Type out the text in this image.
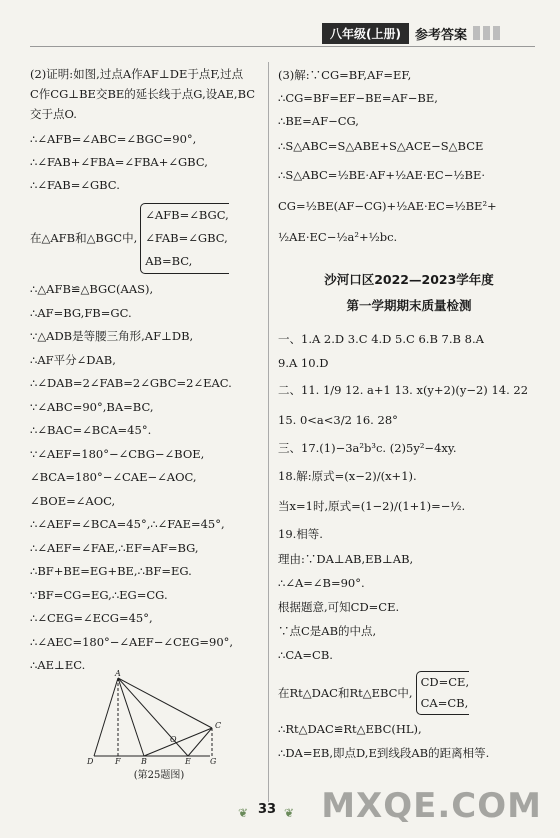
八年级(上册)	参考答案

(2)证明:如图,过点A作AF⊥DE于点F,过点

C作CG⊥BE交BE的延长线于点G,设AE,BC

交于点O.

∴∠AFB=∠ABC=∠BGC=90°,

∴∠FAB+∠FBA=∠FBA+∠GBC,

∴∠FAB=∠GBC.

在△AFB和△BGC中,

∠AFB=∠BGC,

∠FAB=∠GBC,

AB=BC,

∴△AFB≌△BGC(AAS),

∴AF=BG,FB=GC.

∵△ADB是等腰三角形,AF⊥DB,

∴AF平分∠DAB,

∴∠DAB=2∠FAB=2∠GBC=2∠EAC.

∵∠ABC=90°,BA=BC,

∴∠BAC=∠BCA=45°.

∵∠AEF=180°−∠CBG−∠BOE,

∠BCA=180°−∠CAE−∠AOC,

∠BOE=∠AOC,

∴∠AEF=∠BCA=45°,∴∠FAE=45°,

∴∠AEF=∠FAE,∴EF=AF=BG,

∴BF+BE=EG+BE,∴BF=EG.

∵BF=CG=EG,∴EG=CG.

∴∠CEG=∠ECG=45°,

∴∠AEC=180°−∠AEF−∠CEG=90°,

∴AE⊥EC.

A
C
O
D	F	B	E G
(第25题图)

(3)解:∵CG=BF,AF=EF,

∴CG=BF=EF−BE=AF−BE,

∴BE=AF−CG,

∴S△ABC=S△ABE+S△ACE−S△BCE

∴S△ABC=½BE·AF+½AE·EC−½BE·

CG=½BE(AF−CG)+½AE·EC=½BE²+

½AE·EC−½a²+½bc.

沙河口区2022—2023学年度

第一学期期末质量检测

一、1.A 2.D 3.C 4.D 5.C 6.B 7.B 8.A

9.A 10.D

二、11. 1/9 12. a+1 13. x(y+2)(y−2) 14. 22

15. 0<a<3/2 16. 28°

三、17.(1)−3a²b³c. (2)5y²−4xy.

18.解:原式=(x−2)/(x+1).

当x=1时,原式=(1−2)/(1+1)=−½.

19.相等.

理由:∵DA⊥AB,EB⊥AB,

∴∠A=∠B=90°.

根据题意,可知CD=CE.

∵点C是AB的中点,

∴CA=CB.

在Rt△DAC和Rt△EBC中,

CD=CE,

CA=CB,

∴Rt△DAC≌Rt△EBC(HL),

∴DA=EB,即点D,E到线段AB的距离相等.

❦ 33 ❦ MXQE.COM
